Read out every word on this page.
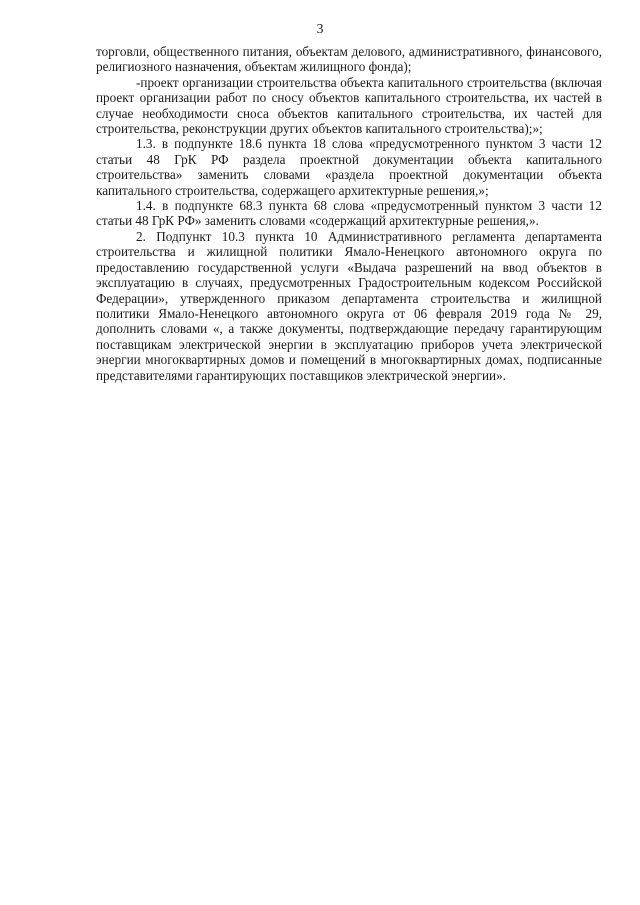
3

торговли, общественного питания, объектам делового, административного, финансового, религиозного назначения, объектам жилищного фонда);

-проект организации строительства объекта капитального строительства (включая проект организации работ по сносу объектов капитального строительства, их частей в случае необходимости сноса объектов капитального строительства, их частей для строительства, реконструкции других объектов капитального строительства);»;

1.3. в подпункте 18.6 пункта 18 слова «предусмотренного пунктом 3 части 12 статьи 48 ГрК РФ раздела проектной документации объекта капитального строительства» заменить словами «раздела проектной документации объекта капитального строительства, содержащего архитектурные решения,»;

1.4. в подпункте 68.3 пункта 68 слова «предусмотренный пунктом 3 части 12 статьи 48 ГрК РФ» заменить словами «содержащий архитектурные решения,».

2. Подпункт 10.3 пункта 10 Административного регламента департамента строительства и жилищной политики Ямало-Ненецкого автономного округа по предоставлению государственной услуги «Выдача разрешений на ввод объектов в эксплуатацию в случаях, предусмотренных Градостроительным кодексом Российской Федерации», утвержденного приказом департамента строительства и жилищной политики Ямало-Ненецкого автономного округа от 06 февраля 2019 года № 29, дополнить словами «, а также документы, подтверждающие передачу гарантирующим поставщикам электрической энергии в эксплуатацию приборов учета электрической энергии многоквартирных домов и помещений в многоквартирных домах, подписанные представителями гарантирующих поставщиков электрической энергии».
